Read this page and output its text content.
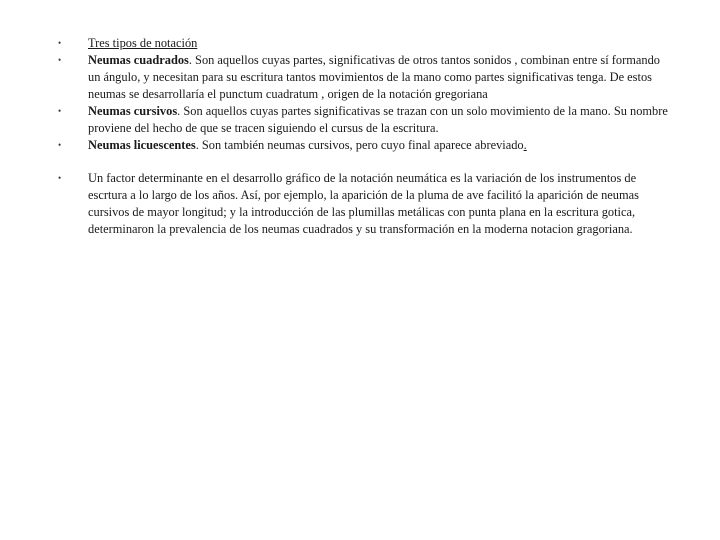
•	Tres tipos de notación
•	Neumas cuadrados. Son aquellos cuyas partes, significativas de otros tantos sonidos , combinan entre sí formando un ángulo, y necesitan para su escritura tantos movimientos de la mano como partes significativas tenga. De estos neumas se desarrollaría el punctum cuadratum , origen de la notación gregoriana
•	Neumas cursivos. Son aquellos cuyas partes significativas se trazan con un solo movimiento de la mano. Su nombre proviene del hecho de que se tracen siguiendo el cursus de la escritura.
•	Neumas licuescentes. Son también neumas cursivos, pero cuyo final aparece abreviado.
•	Un factor determinante en el desarrollo gráfico de la notación neumática es la variación de los instrumentos de escrtura a lo largo de los años. Así, por ejemplo, la aparición de la pluma de ave facilitó la aparición de neumas cursivos de mayor longitud; y la introducción de las plumillas metálicas con punta plana en la escritura gotica, determinaron la prevalencia de los neumas cuadrados y su transformación en la moderna notacion gragoriana.
